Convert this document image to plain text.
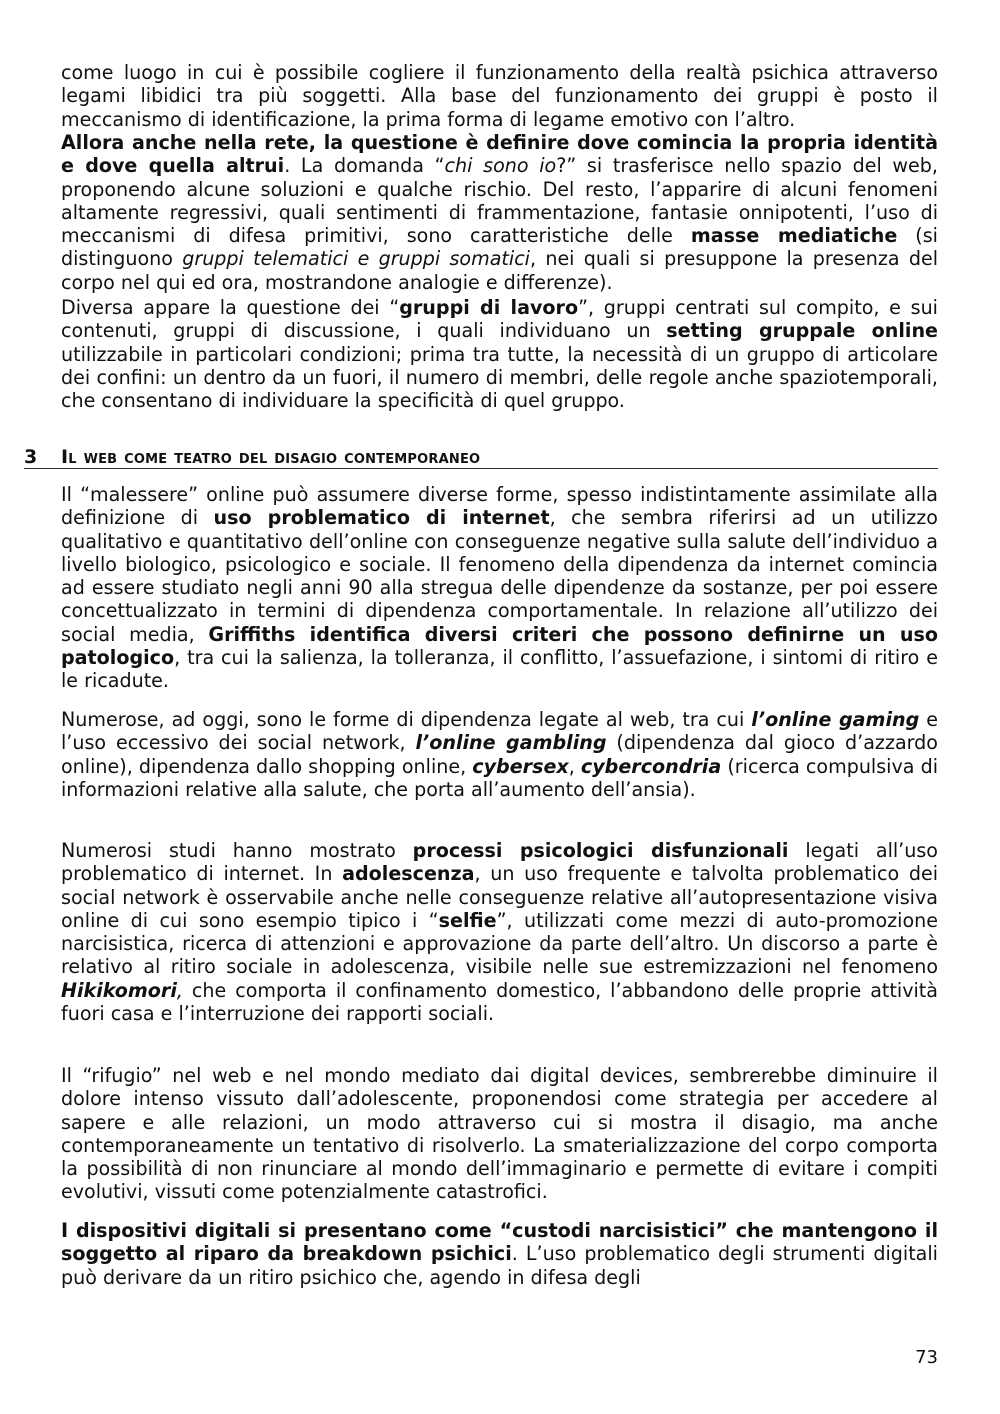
come luogo in cui è possibile cogliere il funzionamento della realtà psichica attraverso legami libidici tra più soggetti. Alla base del funzionamento dei gruppi è posto il meccanismo di identificazione, la prima forma di legame emotivo con l’altro.

Allora anche nella rete, la questione è definire dove comincia la propria identità e dove quella altrui. La domanda “chi sono io?” si trasferisce nello spazio del web, proponendo alcune soluzioni e qualche rischio. Del resto, l’apparire di alcuni fenomeni altamente regressivi, quali sentimenti di frammentazione, fantasie onnipotenti, l’uso di meccanismi di difesa primitivi, sono caratteristiche delle masse mediatiche (si distinguono gruppi telematici e gruppi somatici, nei quali si presuppone la presenza del corpo nel qui ed ora, mostrandone analogie e differenze).

Diversa appare la questione dei “gruppi di lavoro”, gruppi centrati sul compito, e sui contenuti, gruppi di discussione, i quali individuano un setting gruppale online utilizzabile in particolari condizioni; prima tra tutte, la necessità di un gruppo di articolare dei confini: un dentro da un fuori, il numero di membri, delle regole anche spaziotemporali, che consentano di individuare la specificità di quel gruppo.

3 Il web come teatro del disagio contemporaneo

Il “malessere” online può assumere diverse forme, spesso indistintamente assimilate alla definizione di uso problematico di internet, che sembra riferirsi ad un utilizzo qualitativo e quantitativo dell’online con conseguenze negative sulla salute dell’individuo a livello biologico, psicologico e sociale. Il fenomeno della dipendenza da internet comincia ad essere studiato negli anni 90 alla stregua delle dipendenze da sostanze, per poi essere concettualizzato in termini di dipendenza comportamentale. In relazione all’utilizzo dei social media, Griffiths identifica diversi criteri che possono definirne un uso patologico, tra cui la salienza, la tolleranza, il conflitto, l’assuefazione, i sintomi di ritiro e le ricadute.

Numerose, ad oggi, sono le forme di dipendenza legate al web, tra cui l’online gaming e l’uso eccessivo dei social network, l’online gambling (dipendenza dal gioco d’azzardo online), dipendenza dallo shopping online, cybersex, cybercondria (ricerca compulsiva di informazioni relative alla salute, che porta all’aumento dell’ansia).

Numerosi studi hanno mostrato processi psicologici disfunzionali legati all’uso problematico di internet. In adolescenza, un uso frequente e talvolta problematico dei social network è osservabile anche nelle conseguenze relative all’autopresentazione visiva online di cui sono esempio tipico i “selfie”, utilizzati come mezzi di auto-promozione narcisistica, ricerca di attenzioni e approvazione da parte dell’altro. Un discorso a parte è relativo al ritiro sociale in adolescenza, visibile nelle sue estremizzazioni nel fenomeno Hikikomori, che comporta il confinamento domestico, l’abbandono delle proprie attività fuori casa e l’interruzione dei rapporti sociali.

Il “rifugio” nel web e nel mondo mediato dai digital devices, sembrerebbe diminuire il dolore intenso vissuto dall’adolescente, proponendosi come strategia per accedere al sapere e alle relazioni, un modo attraverso cui si mostra il disagio, ma anche contemporaneamente un tentativo di risolverlo. La smaterializzazione del corpo comporta la possibilità di non rinunciare al mondo dell’immaginario e permette di evitare i compiti evolutivi, vissuti come potenzialmente catastrofici.

I dispositivi digitali si presentano come “custodi narcisistici” che mantengono il soggetto al riparo da breakdown psichici. L’uso problematico degli strumenti digitali può derivare da un ritiro psichico che, agendo in difesa degli

73
